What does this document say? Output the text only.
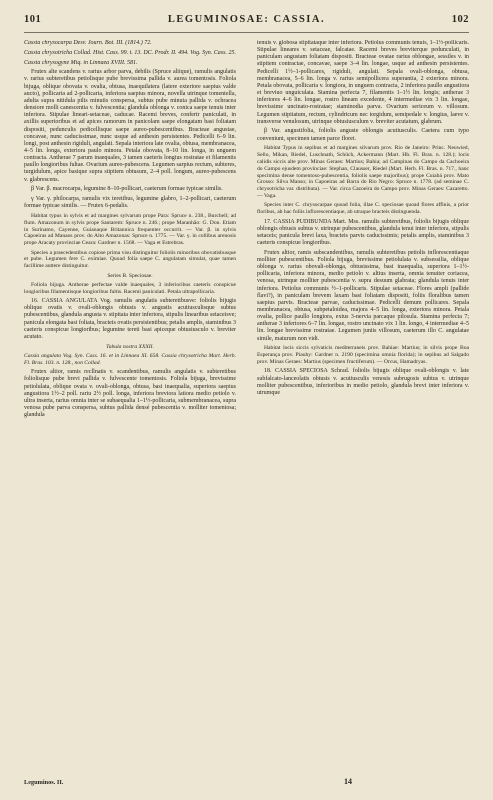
101	LEGUMINOSAE: CASSIA.	102

Cassia chrysocarpa Desv. Journ. Bot. III. (1814.) 72.

Cassia chrysotricha Collad. Hist. Cass. 99. t. 13. DC. Prodr. II. 494. Vog. Syn. Cass. 25.

Cassia chrysogyne Miq. in Linnaea XVIII. 581.

Frutex alte scandens v. rarius arbor parva, debilis (Spruce aliique), ramulis angulatis v. rarius subteretibus petiolisque pube brevissima pallida v. aurea tomentosis. Foliola bijuga, oblique obovata v. ovalia, obtusa, inaequilatera (latere exteriore saepius valde aucto), pollicaria ad 2-pollicaria, inferiora saepius minora, novella utrinque tomentella, adulta supra nitidula pilis minutis conspersa, subtus pube minuta pallida v. ochracea densiore molli canescentia v. fulvescentia; glandula oblonga v. conica saepe tenuis inter inferiora. Stipulae lineari-setaceae, caducae. Racemi breves, confertr paniculati, in axillis superioribus et ad apices ramorum in panicolam saepe elongatam basi foliatam dispositi, pedunculis pedicellisque saepe aureo-pubescentibus. Bracteae angustae, concavae, nunc caducissimae, nunc usque ad anthesin persistentes. Pedicelli 6–9 lin. longi, post anthesin rigiduli, angulati. Sepala interiora late ovalia, obtusa, membranacea, 4–5 lin. longa, exteriora paulo minora. Petala obovata, 8–10 lin. longa, in unguem contracta. Antherae 7 parum inaequales, 3 tamen caeteris longius rostratae et filamentis paullo longioribus fultae. Ovarium aureo-pubescens. Legumen sarpius rectum, subteres, turgidulum, apice basique supra stipitem obtusum, 2–4 poll. longum, aureo-pubescens v. glabrescens.

β Var. β. macrocarpa, legumine 8–10-pollicari, caeterum formae typicae similis.

γ Var. γ. philocarpa, ramulis vix teretibus, legumine glabro, 1–2-pollicari, caeterum formae typicae similis. — Frutex 6-pedalis.

Habitat typus in sylvis et ad margines sylvarum prope Para: Spruce n. 238., Burchell; ad flum. Amazonum in sylvis prope Santarem: Spruce n. 246.; prope Maranhão: G. Don. Etiam in Surinamo, Cayenne, Guianaque Britannica frequenter occurrit. — Var. β. in sylvis Capoeiras ad Manaos prov. do Alto Amazonas: Spruce n. 1775. — Var. γ. in collibus arenosis prope Aracaty provinciae Ceara: Gardner n. 1568. — Vaga et Estrebras.

Species a praecedentibus copiose prima visu distinguitur foliolis minoribus obovatisbusque et pube. Legumen fere C. eximiae. Quoad folia saepe C. angulatam simulat, quae tamen facillime auttere distinguitur.

Series B. Speciosae.

Foliola bijuga. Antherae perfectae valde inaequales, 3 inferioribus caeteris conspicue longioribus filamentisque longioribus fultis. Racemi paniculati. Petala ultrapollicaria.

16. CASSIA ANGULATA Vog. ramulis angulatis subteretibusve: foliolis bijugis oblique ovatis v. ovali-oblongis obtusis v. angustis acutiusculisque subtus pubescentibus, glandula angusta v. stipitata inter inferiora, stipulis linearibus setaceisve; panicula elongata basi foliata, bracteis ovatis persistentibus; petalis amplis, staminibus 3 caeteris conspicue longioribus; legumine tereti basi apiceque obtusiusculo v. breviter acutato.

Tabula nostra XXXII.

Cassia angulata Vog. Syn. Cass. 16. et in Linnaea XI. 658. Cassia chrysotricha Mart. Herb. Fl. Bras. 103. n. 128., non Collad.

Frutex altior, ramis recllnatis v. scandentibus, ramulis angulatis v. subteretibus foliolisque pube brevi pallida v. fulvescente tomentosis. Foliola bijuga, brevissime petiolulata, oblique ovata v. ovali-oblonga, obtusa, basi inaequalia, superiora saepius angustiora 1½–2 poll. rariu 2½ poll. longa, inferiora breviora latiora medio petiolo v. ultra inserta, rarius omnia inter se subaequalia 1–1½-pollicaria, submembranacea, supra venosa pube parva conspersa, subtus pallida densé pubescentia v. molliter tomentosa; glandula

tenuis v. globosa stipitataque inter inferiora. Petiolus communis tenuis, 1–1½-pollicaris. Stipulae lineares v. setaceae, falcatae. Racemi breves breviterque pedunculati, in paniculam angustam foliatam dispositi. Bracteae ovatae rarius oblongae, sessiles v. in stipitem contractae, concavae, saepe 3–4 lin. longae, usque ad anthesin persistentes. Pedicelli 1½–1-pollicares, rigiduli, angulati. Sepala ovali-oblonga, obtusa, membranacea, 5–6 lin. longa v. rarius semipollicera superantia, 2 exteriora minora. Petala obovata, pollicaria v. longiora, in unguem contracta, 2 inferiora paullo angustiora et breviuo unguiculata. Stamina perfecta 7, filamentis 1–1½ lin. longis; antherae 3 inferiores 4–6 lin. longae, rostro lineam excedente, 4 intermediae vix 3 lin. longae, brevissime uncinato-rostratae; staminodia parva. Ovarium sericeum v. villosum. Legumen stipitatum, rectum, cylindricum nec torgidum, semipedale v. longius, laeve v. transverse venulosum, utrinque obtusiusculum v. breviter acutatum, glabrum.

β Var. angustifolia, foliolis anguste oblongis acutiusculis. Caetera cum typo conveniunt, specimen tamen parce floret.

Habitat Typus in sepibus et ad margines silvarum prov. Rio de Janeiro: Princ. Neuwied, Sello, Mikan, Riedel, Luschnath, Schüch, Ackermann (Mart. Hb. Fl. Bras. n. 128.); locis calidis siccis alte prov. Minas Geraes: Martius; Bahia; ad Campinas do Campo da Cachoeira do Campo ejusdem provinciae: Stephan, Clausser, Riedel (Mart. Herb. Fl. Bras. n. 717., hanc specimina dense tomentoso-pubescentia, foliolis saepe majoribus); prope Cuiabá prov. Mato Grosso: Silva Manso; in Capoeiras ad Barra do Rio Negro: Spruce n. 1778. (ad seminae C. chrysotricha var. distributa). — Var. circa Cazoeira do Campo prov. Minas Geraes: Cazaretto. — Vaga.

Species inter C. chrysocarpae quoad folia, illae C. speciosae quoad flores affinis, a prior floribus, ab hac foliis inflorescentiaque, ab utraque bracteis distinguenda.

17. CASSIA PUDIBUNDA Mart. Mss. ramulis subteretibus, foliolis bijugis oblique oblongis obtusis subtus v. utrinque pubescentibus, glandula tenui inter inferiora, stipulis setaceis; panicula brevi laxa, bracteis parvis caducissimis; petalis amplis, staminibus 3 caeteris conspicue longioribus.

Frutex altior, ramis subscandentibus, ramulis subteretibus petiolis inflorescentiaque molliter pubescentibus. Foliola bijuga, brevissime petiolulata v. subsessilia, oblique oblonga v. rarius obovali-oblonga, obtusissima, basi inaequalia, superiora 1–1½-pollicaria, inferiora minora, medio petiolo v. altius inserta, omnia tenuiter coriacea, venosa, utrinque molliter pubescentia v. supra desuum glabrata; glandula tenuis inter inferiora. Petiolus communis ½–1-pollicaris. Stipulae setaceae. Flores ampli (pallide flavi?), in paniculam brevem laxam basi foliatam dispositi, foliis floralibus tamen saepius parvis. Bracteae parvae, caducissimae. Pedicelli demum pollicares. Sepala membranacea, obtusa, subpetaloidea, majora 4–5 lin. longa, exteriora minora. Petala ovalia, pollice paullo longiora, extus 3-nervia parcaque pilosula. Stamina perfecta 7; antherae 3 inferiores 6–7 lin. longae, rostro uncinato vix 1 lin. longo, 4 intermediae 4–5 lin. longae brevissime rostratae. Legumen juniis villosum, caeterum illo C. angulatae simile, maturum non vidi.

Habitat locis siccis sylvaticis mediterraneis prov. Bahiae: Martius; in silvis prope Boa Esperança prov. Piauhy: Gardner n. 2190 (specimina omnia florida); in sepibus ad Salgado prov. Minas Geraes: Martius (specimen fructiferum). — Orcus, Hamadryas.

18. CASSIA SPECIOSA Schrad. foliolis bijugis oblique ovali-oblongis v. late subfalcato-lanceolatis obtusis v. acutiusculis venosis subrugosis subtus v. utrinque molliter pubescentibus, inferioribus in medio petiolo, glandula brevi inter inferiora v. utrumque

Leguminos. II.	14
